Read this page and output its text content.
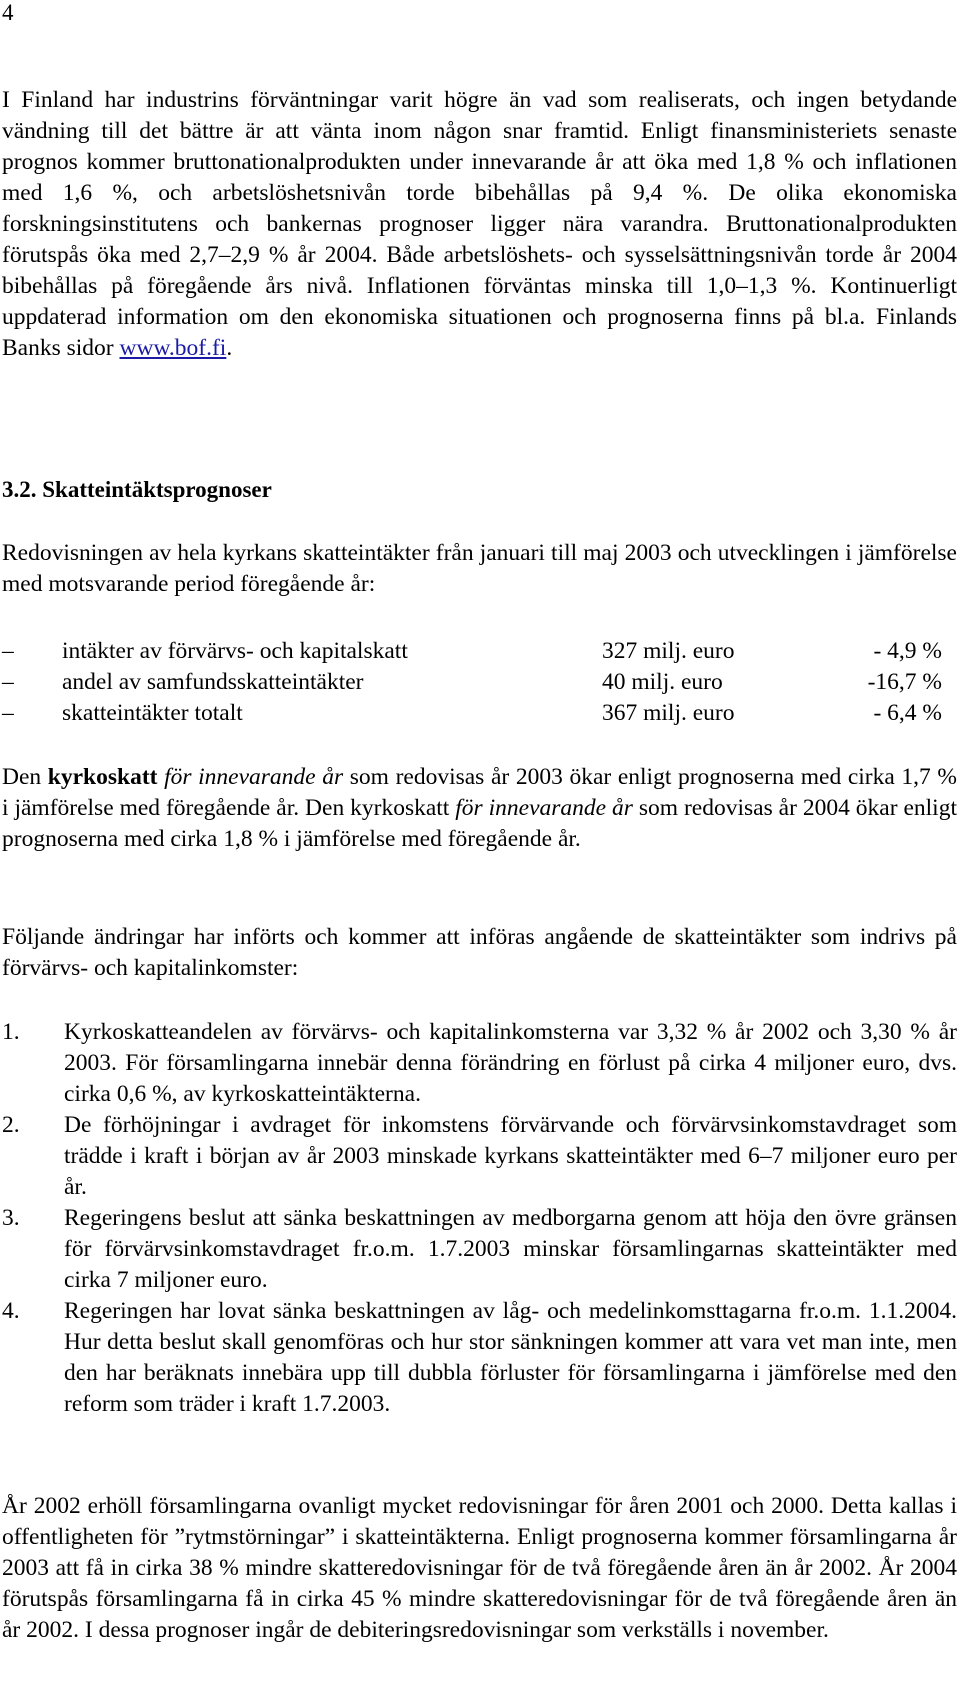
4
I Finland har industrins förväntningar varit högre än vad som realiserats, och ingen betydande vändning till det bättre är att vänta inom någon snar framtid. Enligt finansministeriets senaste prognos kommer bruttonationalprodukten under innevarande år att öka med 1,8 % och inflationen med 1,6 %, och arbetslöshetsnivån torde bibehållas på 9,4 %. De olika ekonomiska forskningsinstitutens och bankernas prognoser ligger nära varandra. Bruttonationalprodukten förutspås öka med 2,7–2,9 % år 2004. Både arbetslöshets- och sysselsättningsnivån torde år 2004 bibehållas på föregående års nivå. Inflationen förväntas minska till 1,0–1,3 %. Kontinuerligt uppdaterad information om den ekonomiska situationen och prognoserna finns på bl.a. Finlands Banks sidor www.bof.fi.
3.2. Skatteintäktsprognoser
Redovisningen av hela kyrkans skatteintäkter från januari till maj 2003 och utvecklingen i jämförelse med motsvarande period föregående år:
– intäkter av förvärvs- och kapitalskatt	327 milj. euro	- 4,9 %
– andel av samfundsskatteintäkter	40 milj. euro	-16,7 %
– skatteintäkter totalt	367 milj. euro	- 6,4 %
Den kyrkoskatt för innevarande år som redovisas år 2003 ökar enligt prognoserna med cirka 1,7 % i jämförelse med föregående år. Den kyrkoskatt för innevarande år som redovisas år 2004 ökar enligt prognoserna med cirka 1,8 % i jämförelse med föregående år.
Följande ändringar har införts och kommer att införas angående de skatteintäkter som indrivs på förvärvs- och kapitalinkomster:
1. Kyrkoskatteandelen av förvärvs- och kapitalinkomsterna var 3,32 % år 2002 och 3,30 % år 2003. För församlingarna innebär denna förändring en förlust på cirka 4 miljoner euro, dvs. cirka 0,6 %, av kyrkoskatteintäkterna.
2. De förhöjningar i avdraget för inkomstens förvärvande och förvärvsinkomstavdraget som trädde i kraft i början av år 2003 minskade kyrkans skatteintäkter med 6–7 miljoner euro per år.
3. Regeringens beslut att sänka beskattningen av medborgarna genom att höja den övre gränsen för förvärvsinkomstavdraget fr.o.m. 1.7.2003 minskar församlingarnas skatteintäkter med cirka 7 miljoner euro.
4. Regeringen har lovat sänka beskattningen av låg- och medelinkomsttagarna fr.o.m. 1.1.2004. Hur detta beslut skall genomföras och hur stor sänkningen kommer att vara vet man inte, men den har beräknats innebära upp till dubbla förluster för församlingarna i jämförelse med den reform som träder i kraft 1.7.2003.
År 2002 erhöll församlingarna ovanligt mycket redovisningar för åren 2001 och 2000. Detta kallas i offentligheten för ”rytmstörningar” i skatteintäkterna. Enligt prognoserna kommer församlingarna år 2003 att få in cirka 38 % mindre skatteredovisningar för de två föregående åren än år 2002. År 2004 förutspås församlingarna få in cirka 45 % mindre skatteredovisningar för de två föregående åren än år 2002. I dessa prognoser ingår de debiteringsredovisningar som verkställs i november.
